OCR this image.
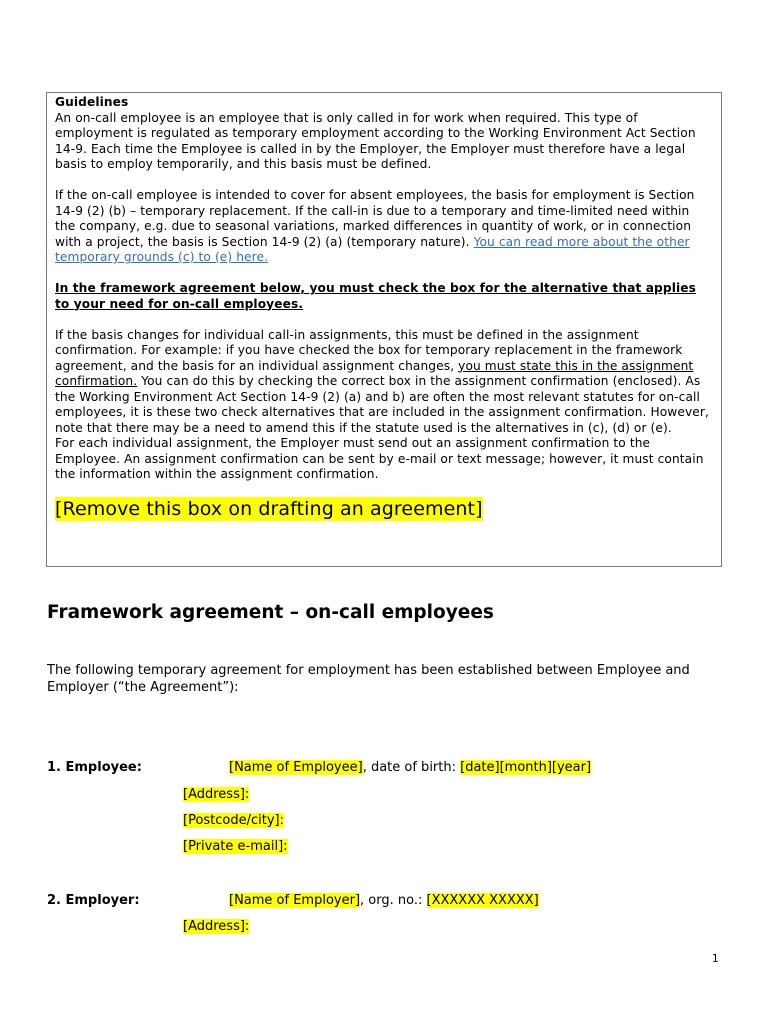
Guidelines

An on-call employee is an employee that is only called in for work when required. This type of employment is regulated as temporary employment according to the Working Environment Act Section 14-9. Each time the Employee is called in by the Employer, the Employer must therefore have a legal basis to employ temporarily, and this basis must be defined.

If the on-call employee is intended to cover for absent employees, the basis for employment is Section 14-9 (2) (b) – temporary replacement. If the call-in is due to a temporary and time-limited need within the company, e.g. due to seasonal variations, marked differences in quantity of work, or in connection with a project, the basis is Section 14-9 (2) (a) (temporary nature). You can read more about the other temporary grounds (c) to (e) here.

In the framework agreement below, you must check the box for the alternative that applies to your need for on-call employees.

If the basis changes for individual call-in assignments, this must be defined in the assignment confirmation. For example: if you have checked the box for temporary replacement in the framework agreement, and the basis for an individual assignment changes, you must state this in the assignment confirmation. You can do this by checking the correct box in the assignment confirmation (enclosed). As the Working Environment Act Section 14-9 (2) (a) and b) are often the most relevant statutes for on-call employees, it is these two check alternatives that are included in the assignment confirmation. However, note that there may be a need to amend this if the statute used is the alternatives in (c), (d) or (e).

For each individual assignment, the Employer must send out an assignment confirmation to the Employee. An assignment confirmation can be sent by e-mail or text message; however, it must contain the information within the assignment confirmation.

[Remove this box on drafting an agreement]
Framework agreement – on-call employees

The following temporary agreement for employment has been established between Employee and Employer (“the Agreement”):

1. Employee:	[Name of Employee], date of birth: [date][month][year]
[Address]:
[Postcode/city]:
[Private e-mail]:
2. Employer:	[Name of Employer], org. no.: [XXXXXX XXXXX]
[Address]:
1
